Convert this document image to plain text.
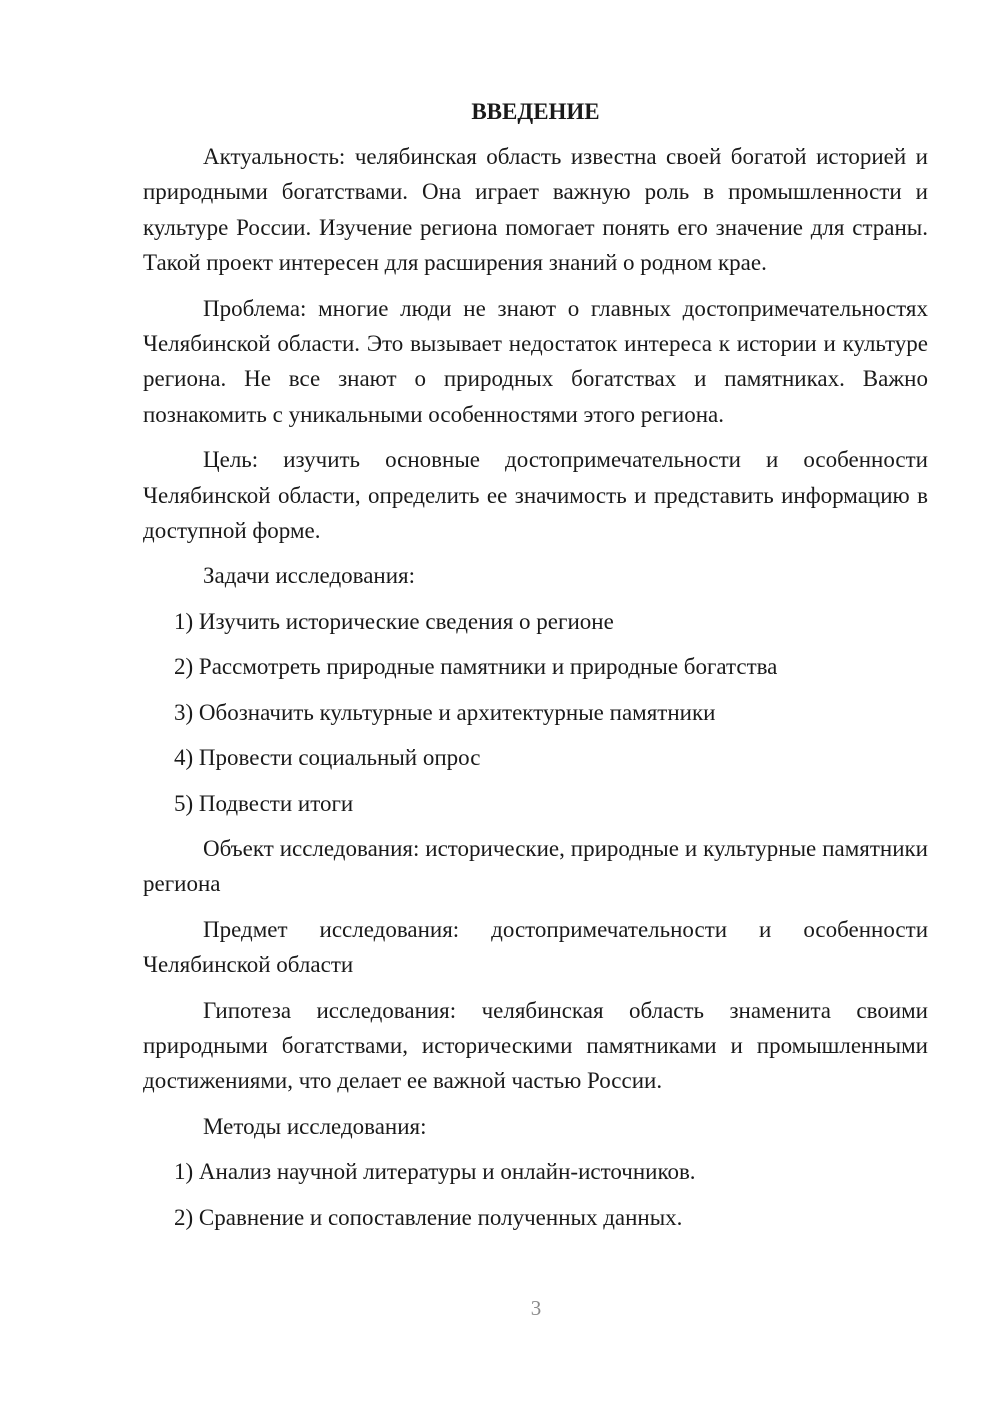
ВВЕДЕНИЕ

Актуальность: челябинская область известна своей богатой историей и природными богатствами. Она играет важную роль в промышленности и культуре России. Изучение региона помогает понять его значение для страны. Такой проект интересен для расширения знаний о родном крае.

Проблема: многие люди не знают о главных достопримечательностях Челябинской области. Это вызывает недостаток интереса к истории и культуре региона. Не все знают о природных богатствах и памятниках. Важно познакомить с уникальными особенностями этого региона.

Цель: изучить основные достопримечательности и особенности Челябинской области, определить ее значимость и представить информацию в доступной форме.

Задачи исследования:

1) Изучить исторические сведения о регионе
2) Рассмотреть природные памятники и природные богатства
3) Обозначить культурные и архитектурные памятники
4) Провести социальный опрос
5) Подвести итоги

Объект исследования: исторические, природные и культурные памятники региона

Предмет исследования: достопримечательности и особенности Челябинской области

Гипотеза исследования: челябинская область знаменита своими природными богатствами, историческими памятниками и промышленными достижениями, что делает ее важной частью России.

Методы исследования:

1) Анализ научной литературы и онлайн-источников.
2) Сравнение и сопоставление полученных данных.
3
